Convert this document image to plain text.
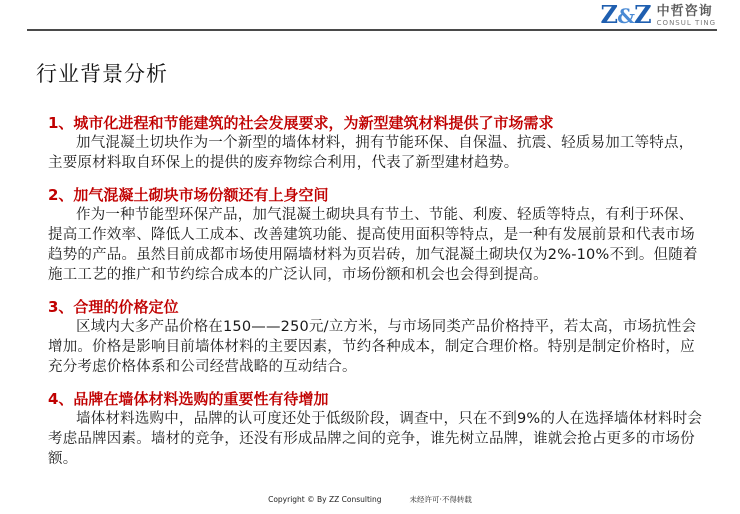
Z&Z 中哲咨询
CONSUL TING
行业背景分析
1、城市化进程和节能建筑的社会发展要求，为新型建筑材料提供了市场需求

加气混凝土切块作为一个新型的墙体材料，拥有节能环保、自保温、抗震、轻质易加工等特点，主要原材料取自环保上的提供的废弃物综合利用，代表了新型建材趋势。

2、加气混凝土砌块市场份额还有上身空间

作为一种节能型环保产品，加气混凝土砌块具有节土、节能、利废、轻质等特点，有利于环保、提高工作效率、降低人工成本、改善建筑功能、提高使用面积等特点，是一种有发展前景和代表市场趋势的产品。虽然目前成都市场使用隔墙材料为页岩砖，加气混凝土砌块仅为2%-10%不到。但随着施工工艺的推广和节约综合成本的广泛认同，市场份额和机会也会得到提高。

3、合理的价格定位

区域内大多产品价格在150——250元/立方米，与市场同类产品价格持平，若太高，市场抗性会增加。价格是影响目前墙体材料的主要因素，节约各种成本，制定合理价格。特别是制定价格时，应充分考虑价格体系和公司经营战略的互动结合。

4、品牌在墙体材料选购的重要性有待增加

墙体材料选购中，品牌的认可度还处于低级阶段，调查中，只在不到9%的人在选择墙体材料时会考虑品牌因素。墙材的竞争，还没有形成品牌之间的竞争，谁先树立品牌，谁就会抢占更多的市场份额。

Copyright © By ZZ Consulting	未经许可·不得转载
